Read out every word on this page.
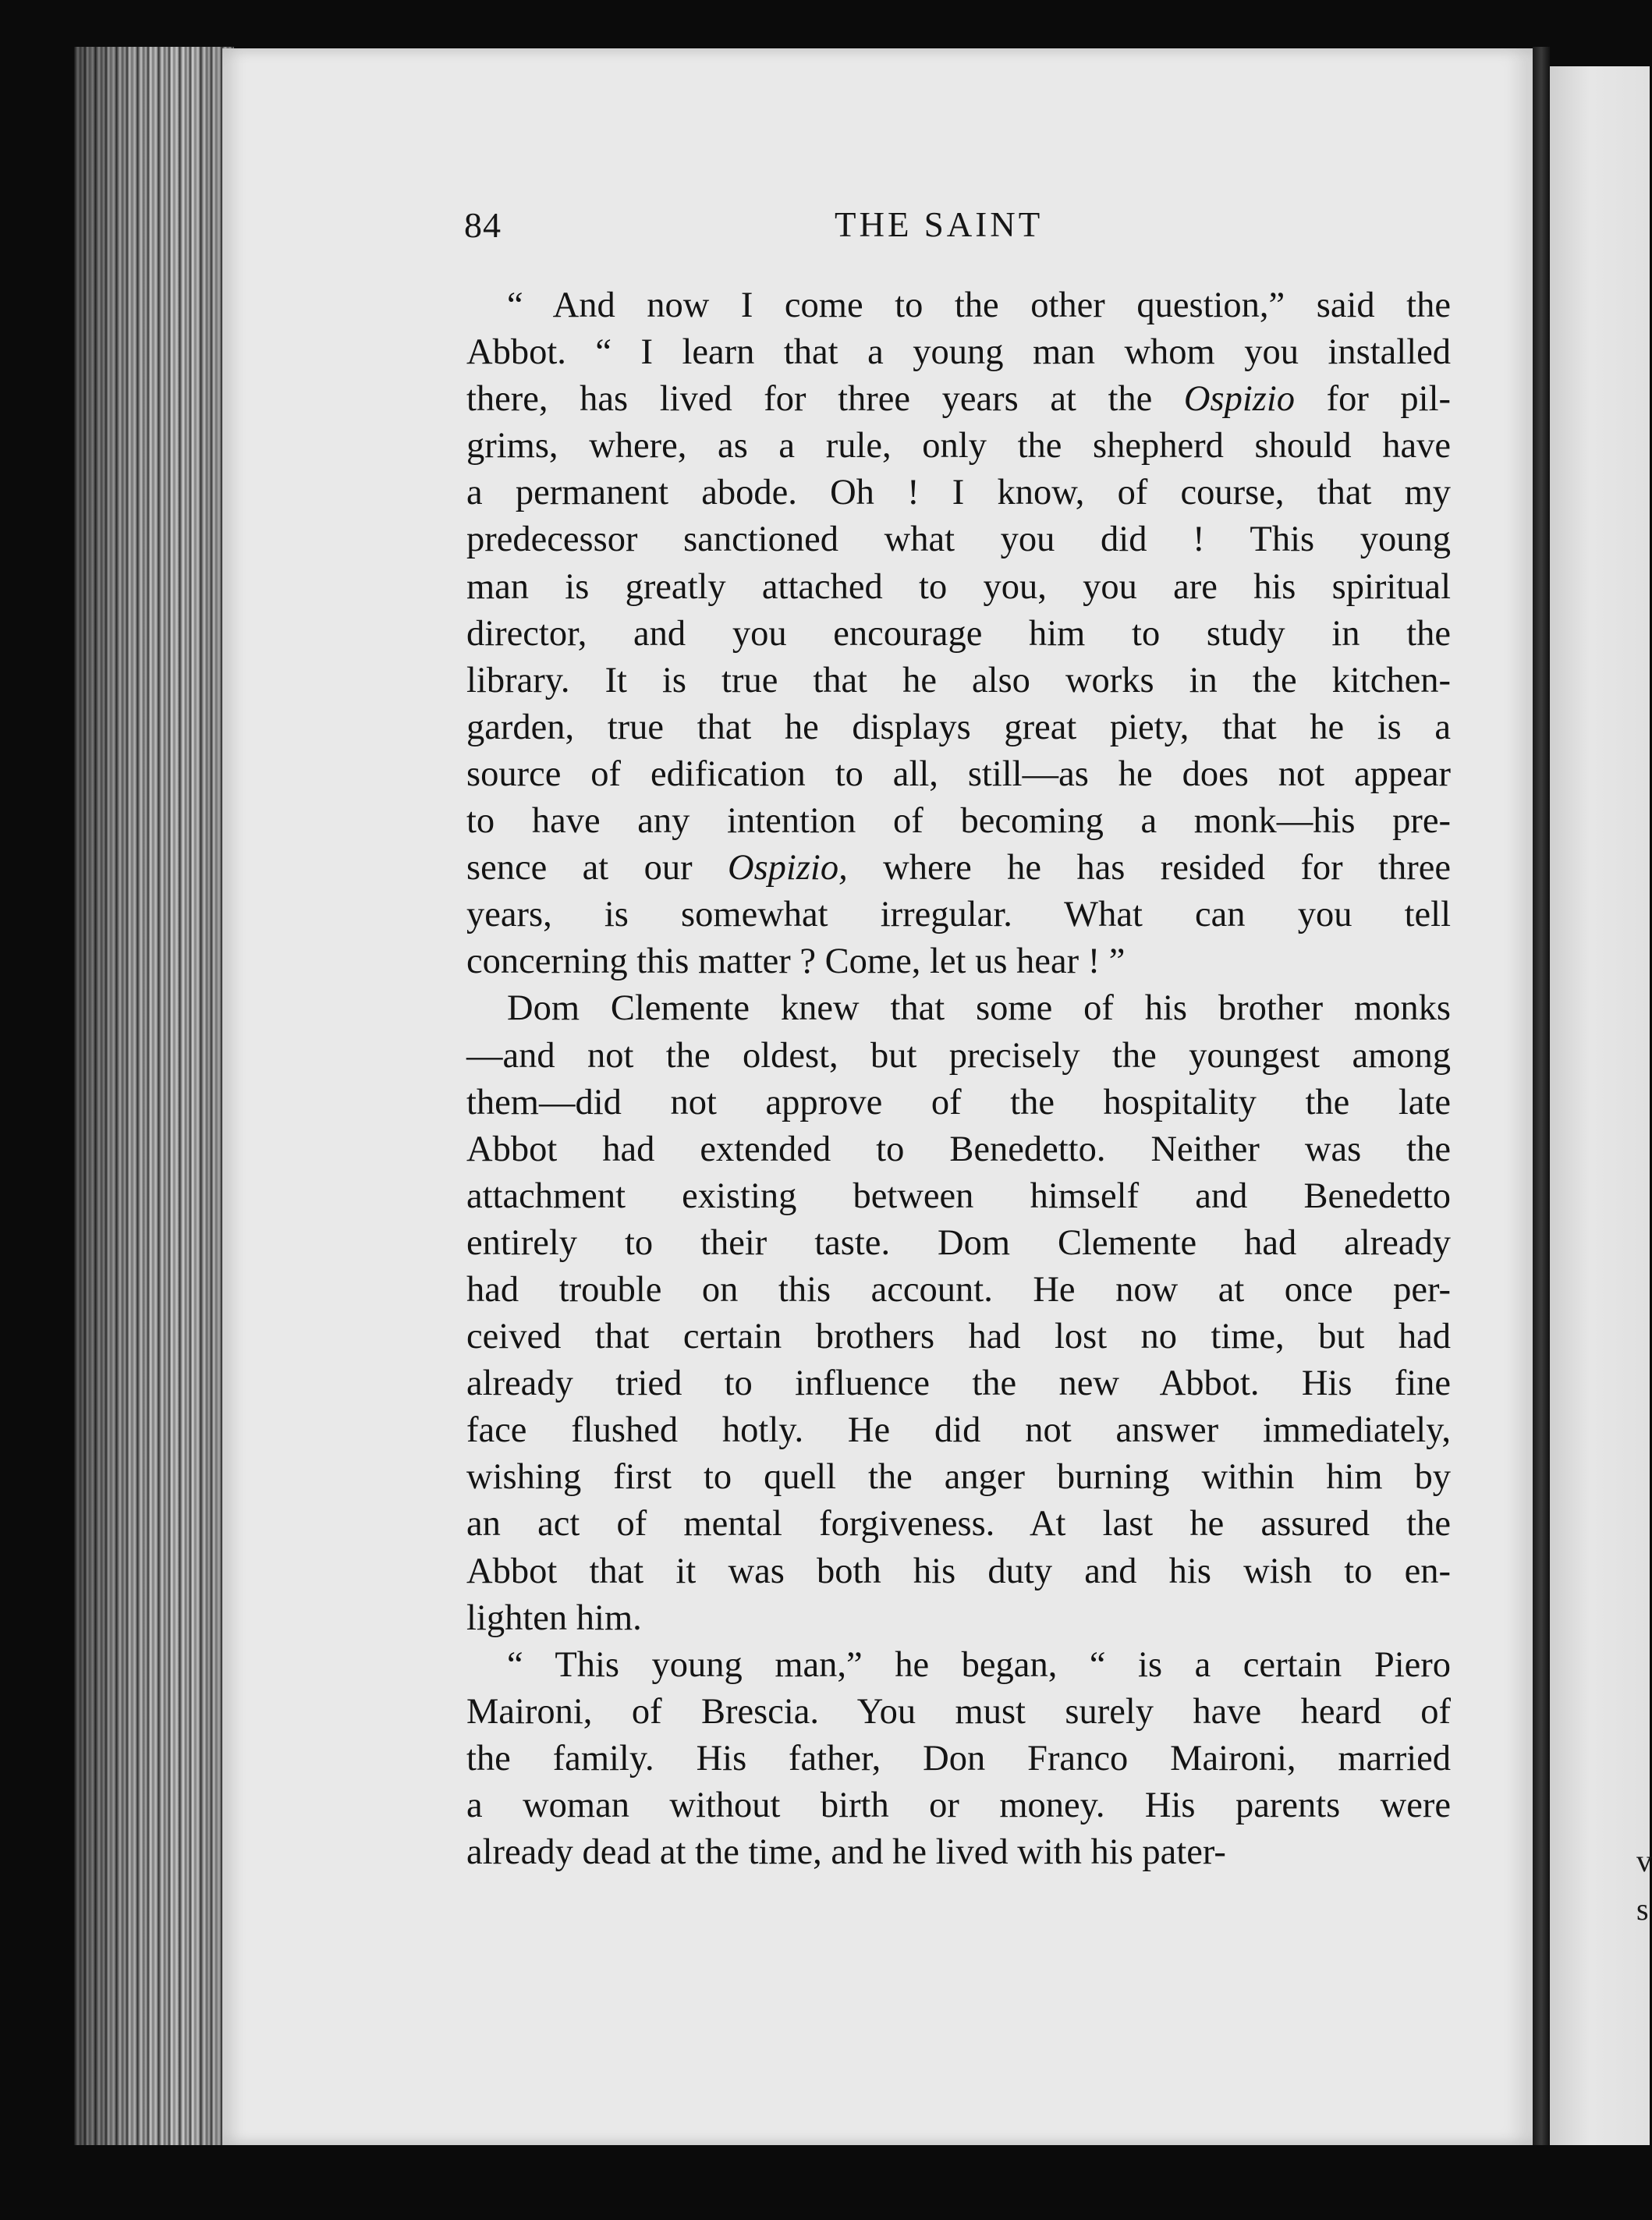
v
s
84	THE SAINT
“ And now I come to the other question,” said the
Abbot. “ I learn that a young man whom you installed
there, has lived for three years at the Ospizio for pil-
grims, where, as a rule, only the shepherd should have
a permanent abode. Oh ! I know, of course, that my
predecessor sanctioned what you did ! This young
man is greatly attached to you, you are his spiritual
director, and you encourage him to study in the
library. It is true that he also works in the kitchen-
garden, true that he displays great piety, that he is a
source of edification to all, still—as he does not appear
to have any intention of becoming a monk—his pre-
sence at our Ospizio, where he has resided for three
years, is somewhat irregular. What can you tell
concerning this matter ? Come, let us hear ! ”
Dom Clemente knew that some of his brother monks
—and not the oldest, but precisely the youngest among
them—did not approve of the hospitality the late
Abbot had extended to Benedetto. Neither was the
attachment existing between himself and Benedetto
entirely to their taste. Dom Clemente had already
had trouble on this account. He now at once per-
ceived that certain brothers had lost no time, but had
already tried to influence the new Abbot. His fine
face flushed hotly. He did not answer immediately,
wishing first to quell the anger burning within him by
an act of mental forgiveness. At last he assured the
Abbot that it was both his duty and his wish to en-
lighten him.
“ This young man,” he began, “ is a certain Piero
Maironi, of Brescia. You must surely have heard of
the family. His father, Don Franco Maironi, married
a woman without birth or money. His parents were
already dead at the time, and he lived with his pater-
